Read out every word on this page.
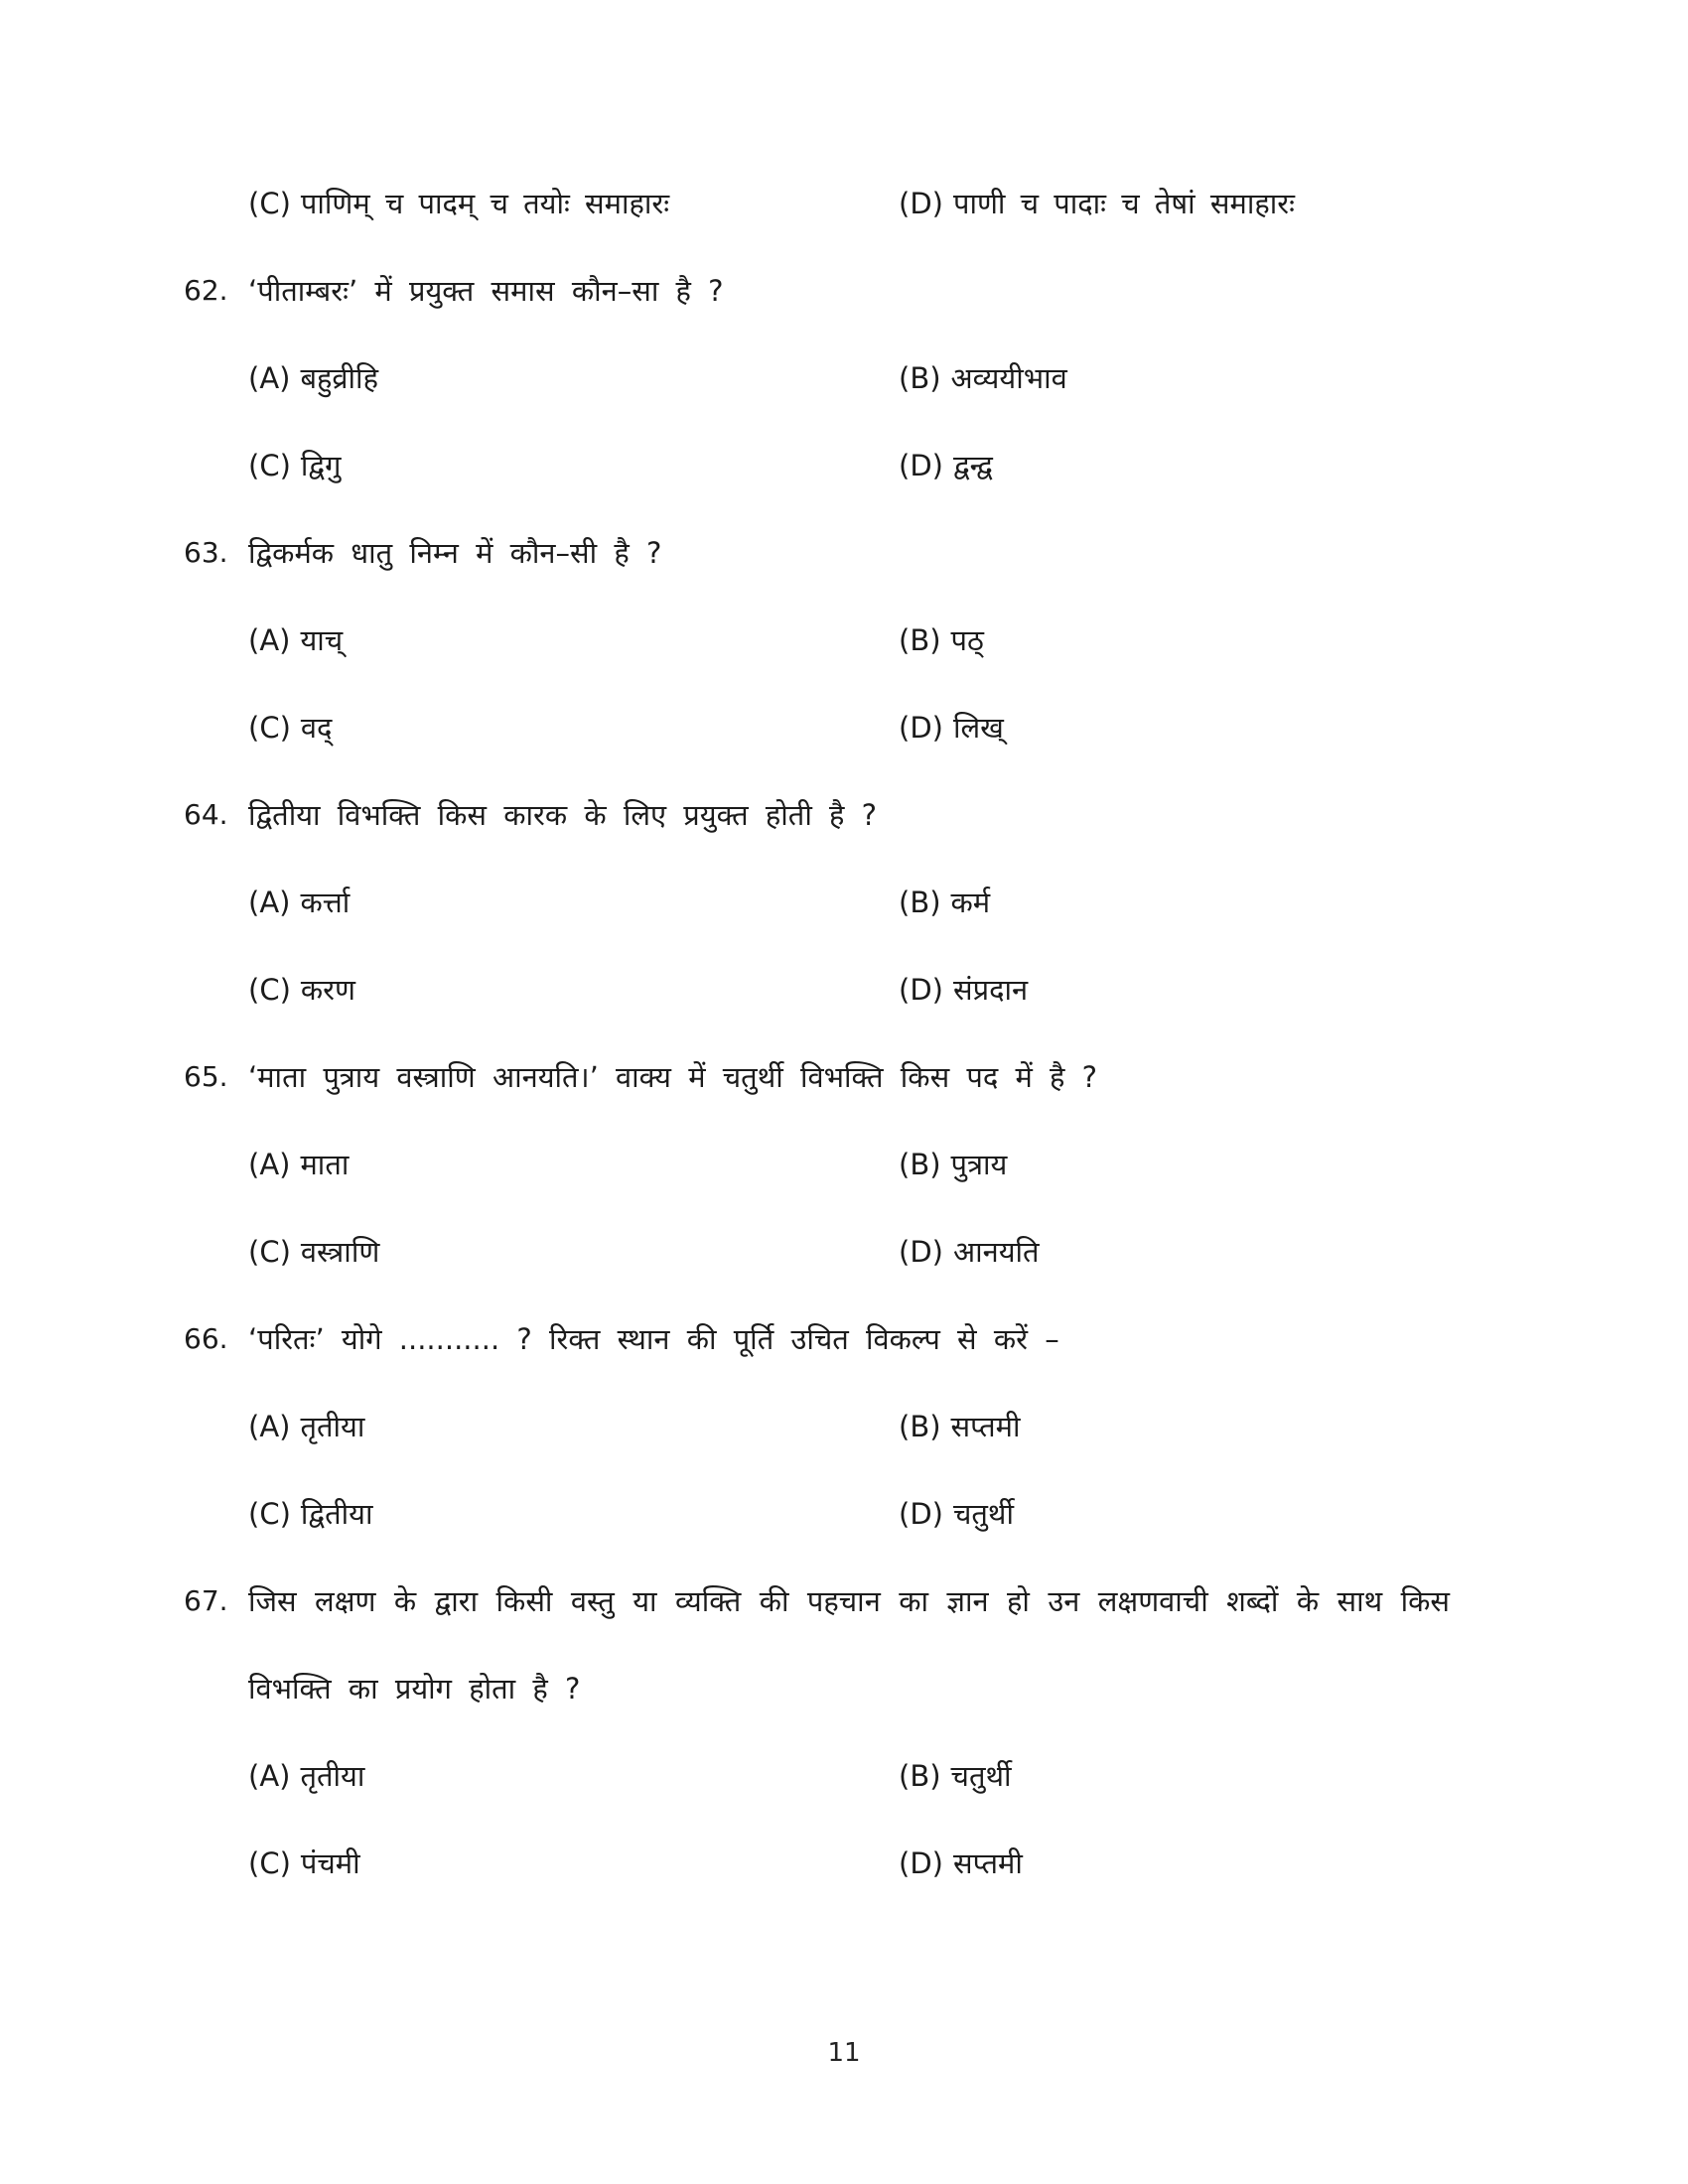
(C) पाणिम् च पादम् च तयोः समाहारः	(D) पाणी च पादाः च तेषां समाहारः
62. ‘पीताम्बरः’ में प्रयुक्त समास कौन–सा है ?
(A) बहुव्रीहि	(B) अव्ययीभाव
(C) द्विगु	(D) द्वन्द्व
63. द्विकर्मक धातु निम्न में कौन–सी है ?
(A) याच्	(B) पठ्
(C) वद्	(D) लिख्
64. द्वितीया विभक्ति किस कारक के लिए प्रयुक्त होती है ?
(A) कर्त्ता	(B) कर्म
(C) करण	(D) संप्रदान
65. ‘माता पुत्राय वस्त्राणि आनयति।’ वाक्य में चतुर्थी विभक्ति किस पद में है ?
(A) माता	(B) पुत्राय
(C) वस्त्राणि	(D) आनयति
66. ‘परितः’ योगे ........... ? रिक्त स्थान की पूर्ति उचित विकल्प से करें –
(A) तृतीया	(B) सप्तमी
(C) द्वितीया	(D) चतुर्थी
67. जिस लक्षण के द्वारा किसी वस्तु या व्यक्ति की पहचान का ज्ञान हो उन लक्षणवाची शब्दों के साथ किस विभक्ति का प्रयोग होता है ?
(A) तृतीया	(B) चतुर्थी
(C) पंचमी	(D) सप्तमी
11
